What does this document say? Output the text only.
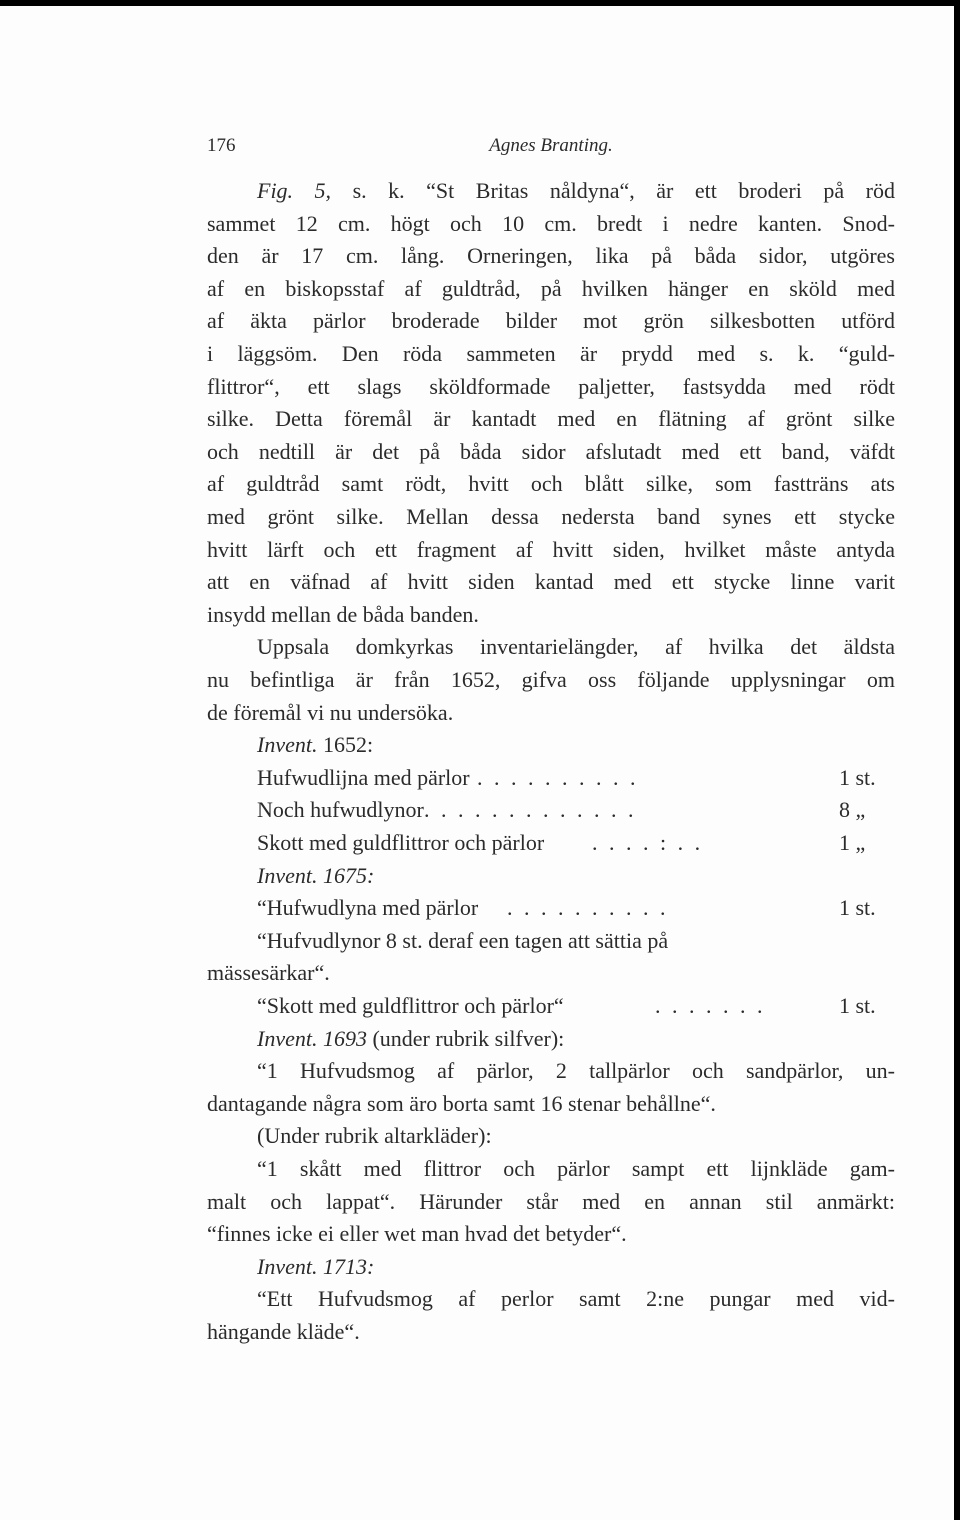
176	Agnes Branting.
Fig. 5, s. k. “St Britas nåldyna“, är ett broderi på röd
sammet 12 cm. högt och 10 cm. bredt i nedre kanten. Snod-
den är 17 cm. lång. Orneringen, lika på båda sidor, utgöres
af en biskopsstaf af guldtråd, på hvilken hänger en sköld med
af äkta pärlor broderade bilder mot grön silkesbotten utförd
i läggsöm. Den röda sammeten är prydd med s. k. “guld-
flittror“, ett slags sköldformade paljetter, fastsydda med rödt
silke. Detta föremål är kantadt med en flätning af grönt silke
och nedtill är det på båda sidor afslutadt med ett band, väfdt
af guldtråd samt rödt, hvitt och blått silke, som fastträns ats
med grönt silke. Mellan dessa nedersta band synes ett stycke
hvitt lärft och ett fragment af hvitt siden, hvilket måste antyda
att en väfnad af hvitt siden kantad med ett stycke linne varit
insydd mellan de båda banden.
Uppsala domkyrkas inventarielängder, af hvilka det äldsta
nu befintliga är från 1652, gifva oss följande upplysningar om
de föremål vi nu undersöka.
Invent. 1652:
Hufwudlijna med pärlor . . . . . . . . . .	1 st.
Noch hufwudlynor . . . . . . . . . . . . .	8 „
Skott med guldflittror och pärlor . . . . : . .	1 „
Invent. 1675:
“Hufwudlyna med pärlor . . . . . . . . . .	1 st.
“Hufvudlynor 8 st. deraf een tagen att sättia på
mässesärkar“.
“Skott med guldflittror och pärlor“	. . . . . . .	1 st.
Invent. 1693 (under rubrik silfver):
“1 Hufvudsmog af pärlor, 2 tallpärlor och sandpärlor, un-
dantagande några som äro borta samt 16 stenar behållne“.
(Under rubrik altarkläder):
“1 skått med flittror och pärlor sampt ett lijnkläde gam-
malt och lappat“. Härunder står med en annan stil anmärkt:
“finnes icke ei eller wet man hvad det betyder“.
Invent. 1713:
“Ett Hufvudsmog af perlor samt 2:ne pungar med vid-
hängande kläde“.
